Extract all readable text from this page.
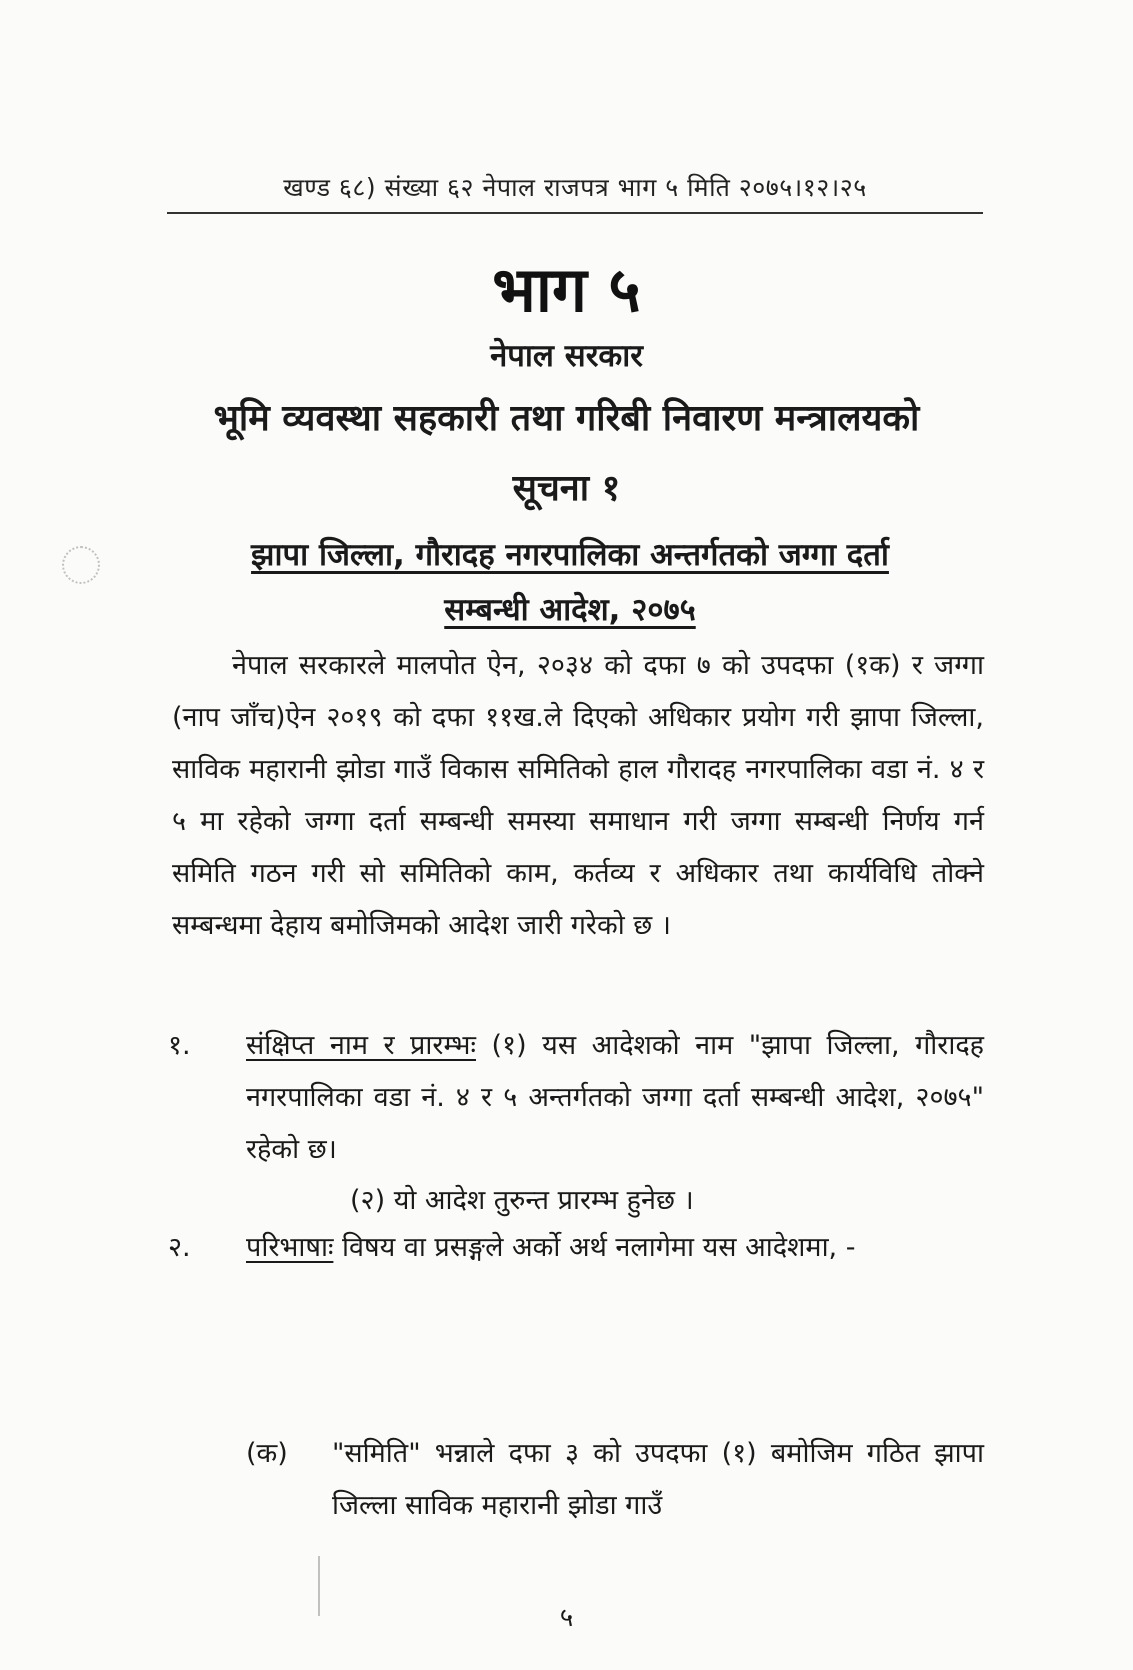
खण्ड ६८) संख्या ६२ नेपाल राजपत्र भाग ५ मिति २०७५।१२।२५
भाग ५
नेपाल सरकार
भूमि व्यवस्था सहकारी तथा गरिबी निवारण मन्त्रालयको
सूचना १
झापा जिल्ला, गौरादह नगरपालिका अन्तर्गतको जग्गा दर्ता
सम्बन्धी आदेश, २०७५

नेपाल सरकारले मालपोत ऐन, २०३४ को दफा ७ को उपदफा (१क) र जग्गा (नाप जाँच)ऐन २०१९ को दफा ११ख.ले दिएको अधिकार प्रयोग गरी झापा जिल्ला, साविक महारानी झोडा गाउँ विकास समितिको हाल गौरादह नगरपालिका वडा नं. ४ र ५ मा रहेको जग्गा दर्ता सम्बन्धी समस्या समाधान गरी जग्गा सम्बन्धी निर्णय गर्न समिति गठन गरी सो समितिको काम, कर्तव्य र अधिकार तथा कार्यविधि तोक्ने सम्बन्धमा देहाय बमोजिमको आदेश जारी गरेको छ ।

१.	संक्षिप्त नाम र प्रारम्भः (१) यस आदेशको नाम "झापा जिल्ला, गौरादह नगरपालिका वडा नं. ४ र ५ अन्तर्गतको जग्गा दर्ता सम्बन्धी आदेश, २०७५" रहेको छ।
(२) यो आदेश तुरुन्त प्रारम्भ हुनेछ ।
२.	परिभाषाः विषय वा प्रसङ्गले अर्को अर्थ नलागेमा यस आदेशमा, -
(क) "समिति" भन्नाले दफा ३ को उपदफा (१) बमोजिम गठित झापा जिल्ला साविक महारानी झोडा गाउँ
५
